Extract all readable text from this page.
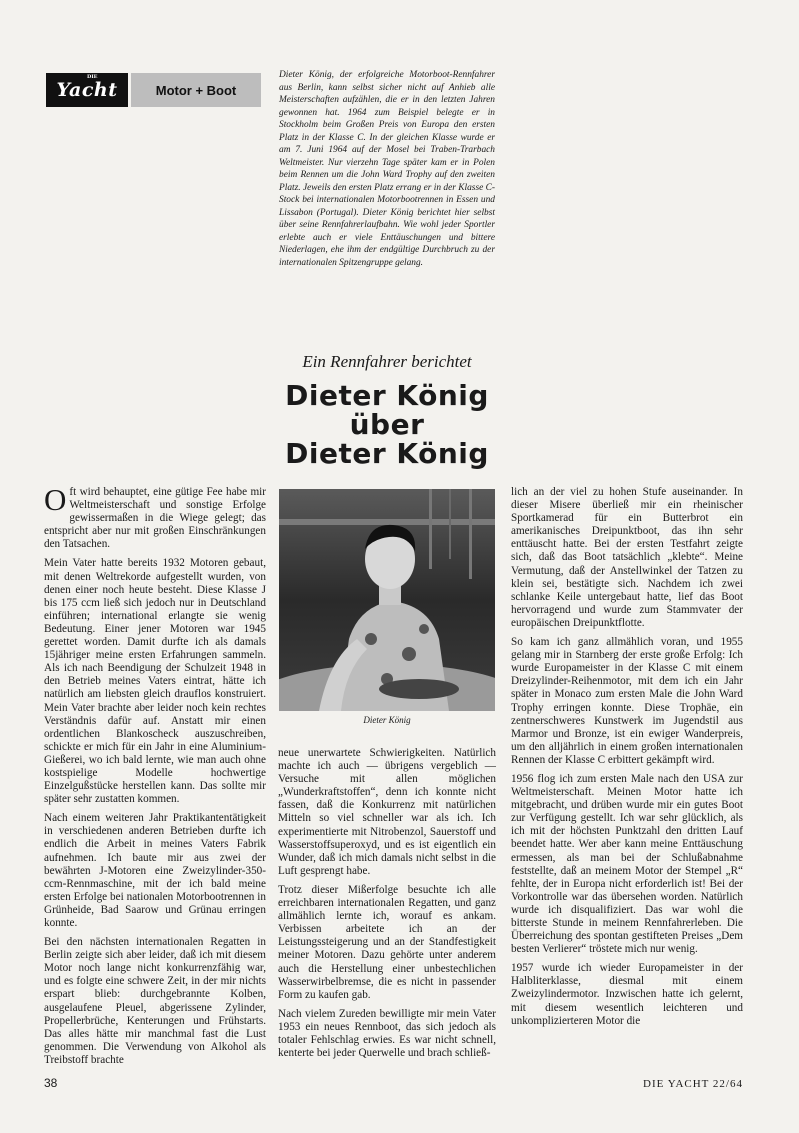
DIE
Yacht	Motor + Boot

Dieter König, der erfolgreiche Motorboot-Rennfahrer aus Berlin, kann selbst sicher nicht auf Anhieb alle Meisterschaften aufzählen, die er in den letzten Jahren gewonnen hat. 1964 zum Beispiel belegte er in Stockholm beim Großen Preis von Europa den ersten Platz in der Klasse C. In der gleichen Klasse wurde er am 7. Juni 1964 auf der Mosel bei Traben-Trarbach Weltmeister. Nur vierzehn Tage später kam er in Polen beim Rennen um die John Ward Trophy auf den zweiten Platz. Jeweils den ersten Platz errang er in der Klasse C-Stock bei internationalen Motorbootrennen in Essen und Lissabon (Portugal). Dieter König berichtet hier selbst über seine Rennfahrerlaufbahn. Wie wohl jeder Sportler erlebte auch er viele Enttäuschungen und bittere Niederlagen, ehe ihm der endgültige Durchbruch zu der internationalen Spitzengruppe gelang.

Ein Rennfahrer berichtet
Dieter König
über
Dieter König

Oft wird behauptet, eine gütige Fee habe mir Weltmeisterschaft und sonstige Erfolge gewissermaßen in die Wiege gelegt; das entspricht aber nur mit großen Einschränkungen den Tatsachen.

Mein Vater hatte bereits 1932 Motoren gebaut, mit denen Weltrekorde aufgestellt wurden, von denen einer noch heute besteht. Diese Klasse J bis 175 ccm ließ sich jedoch nur in Deutschland einführen; international erlangte sie wenig Bedeutung. Einer jener Motoren war 1945 gerettet worden. Damit durfte ich als damals 15jähriger meine ersten Erfahrungen sammeln. Als ich nach Beendigung der Schulzeit 1948 in den Betrieb meines Vaters eintrat, hätte ich natürlich am liebsten gleich drauflos konstruiert. Mein Vater brachte aber leider noch kein rechtes Verständnis dafür auf. Anstatt mir einen ordentlichen Blankoscheck auszuschreiben, schickte er mich für ein Jahr in eine Aluminium-Gießerei, wo ich bald lernte, wie man auch ohne kostspielige Modelle hochwertige Einzelgußstücke herstellen kann. Das sollte mir später sehr zustatten kommen.

Nach einem weiteren Jahr Praktikantentätigkeit in verschiedenen anderen Betrieben durfte ich endlich die Arbeit in meines Vaters Fabrik aufnehmen. Ich baute mir aus zwei der bewährten J-Motoren eine Zweizylinder-350-ccm-Rennmaschine, mit der ich bald meine ersten Erfolge bei nationalen Motorbootrennen in Grünheide, Bad Saarow und Grünau erringen konnte.

Bei den nächsten internationalen Regatten in Berlin zeigte sich aber leider, daß ich mit diesem Motor noch lange nicht konkurrenzfähig war, und es folgte eine schwere Zeit, in der mir nichts erspart blieb: durchgebrannte Kolben, ausgelaufene Pleuel, abgerissene Zylinder, Propellerbrüche, Kenterungen und Frühstarts. Das alles hätte mir manchmal fast die Lust genommen. Die Verwendung von Alkohol als Treibstoff brachte

Dieter König

neue unerwartete Schwierigkeiten. Natürlich machte ich auch — übrigens vergeblich — Versuche mit allen möglichen „Wunderkraftstoffen“, denn ich konnte nicht fassen, daß die Konkurrenz mit natürlichen Mitteln so viel schneller war als ich. Ich experimentierte mit Nitrobenzol, Sauerstoff und Wasserstoffsuperoxyd, und es ist eigentlich ein Wunder, daß ich mich damals nicht selbst in die Luft gesprengt habe.

Trotz dieser Mißerfolge besuchte ich alle erreichbaren internationalen Regatten, und ganz allmählich lernte ich, worauf es ankam. Verbissen arbeitete ich an der Leistungssteigerung und an der Standfestigkeit meiner Motoren. Dazu gehörte unter anderem auch die Herstellung einer unbestechlichen Wasserwirbelbremse, die es nicht in passender Form zu kaufen gab.

Nach vielem Zureden bewilligte mir mein Vater 1953 ein neues Rennboot, das sich jedoch als totaler Fehlschlag erwies. Es war nicht schnell, kenterte bei jeder Querwelle und brach schließ-

lich an der viel zu hohen Stufe auseinander. In dieser Misere überließ mir ein rheinischer Sportkamerad für ein Butterbrot ein amerikanisches Dreipunktboot, das ihn sehr enttäuscht hatte. Bei der ersten Testfahrt zeigte sich, daß das Boot tatsächlich „klebte“. Meine Vermutung, daß der Anstellwinkel der Tatzen zu klein sei, bestätigte sich. Nachdem ich zwei schlanke Keile untergebaut hatte, lief das Boot hervorragend und wurde zum Stammvater der europäischen Dreipunktflotte.

So kam ich ganz allmählich voran, und 1955 gelang mir in Starnberg der erste große Erfolg: Ich wurde Europameister in der Klasse C mit einem Dreizylinder-Reihenmotor, mit dem ich ein Jahr später in Monaco zum ersten Male die John Ward Trophy erringen konnte. Diese Trophäe, ein zentnerschweres Kunstwerk im Jugendstil aus Marmor und Bronze, ist ein ewiger Wanderpreis, um den alljährlich in einem großen internationalen Rennen der Klasse C erbittert gekämpft wird.

1956 flog ich zum ersten Male nach den USA zur Weltmeisterschaft. Meinen Motor hatte ich mitgebracht, und drüben wurde mir ein gutes Boot zur Verfügung gestellt. Ich war sehr glücklich, als ich mit der höchsten Punktzahl den dritten Lauf beendet hatte. Wer aber kann meine Enttäuschung ermessen, als man bei der Schlußabnahme feststellte, daß an meinem Motor der Stempel „R“ fehlte, der in Europa nicht erforderlich ist! Bei der Vorkontrolle war das übersehen worden. Natürlich wurde ich disqualifiziert. Das war wohl die bitterste Stunde in meinem Rennfahrerleben. Die Überreichung des spontan gestifteten Preises „Dem besten Verlierer“ tröstete mich nur wenig.

1957 wurde ich wieder Europameister in der Halbliterklasse, diesmal mit einem Zweizylindermotor. Inzwischen hatte ich gelernt, mit diesem wesentlich leichteren und unkomplizierteren Motor die

38	DIE YACHT 22/64
